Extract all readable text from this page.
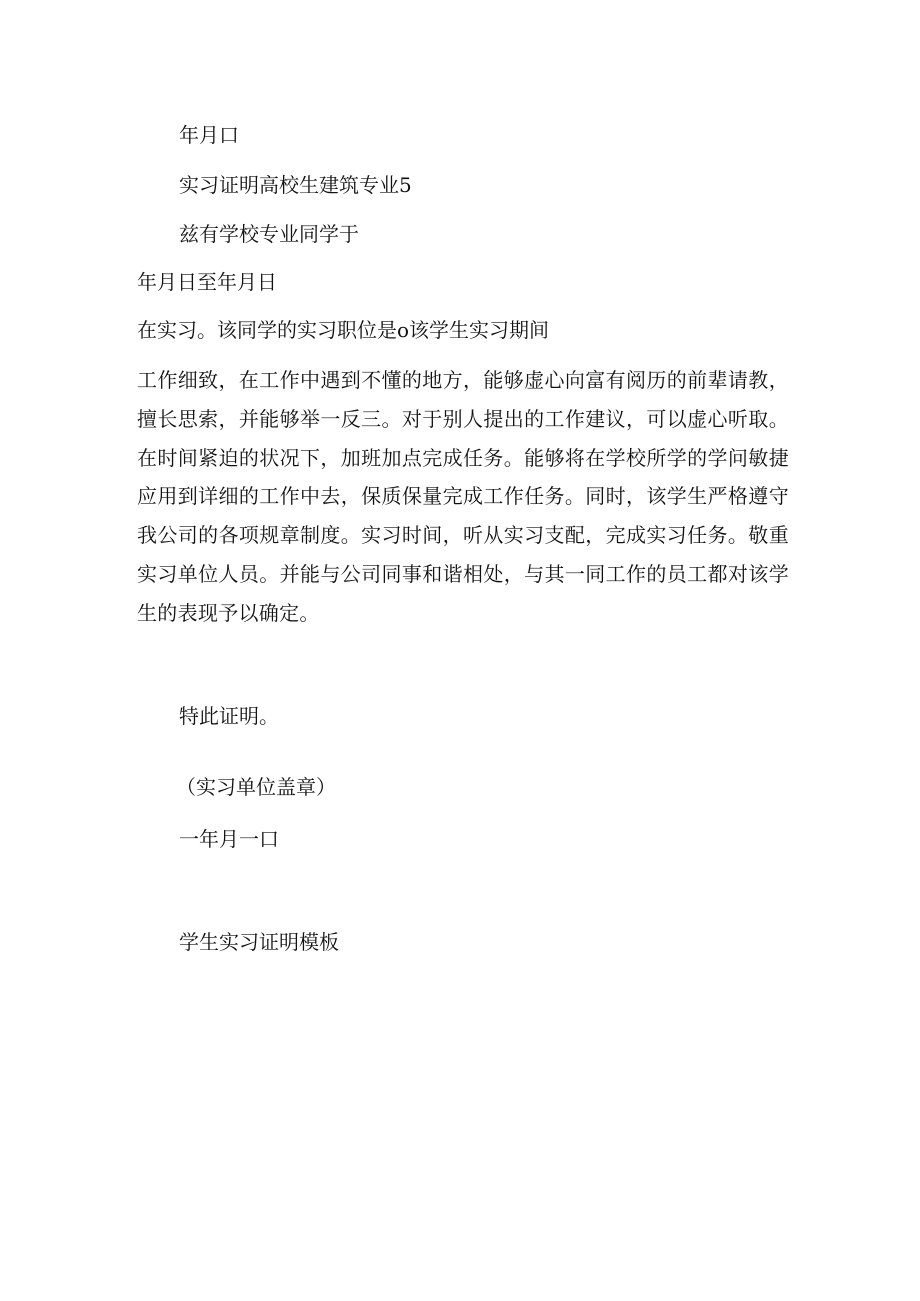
年月口

实习证明高校生建筑专业5

兹有学校专业同学于

年月日至年月日

在实习。该同学的实习职位是o该学生实习期间

工作细致，在工作中遇到不懂的地方，能够虚心向富有阅历的前辈请教，擅长思索，并能够举一反三。对于别人提出的工作建议，可以虚心听取。在时间紧迫的状况下，加班加点完成任务。能够将在学校所学的学问敏捷应用到详细的工作中去，保质保量完成工作任务。同时，该学生严格遵守我公司的各项规章制度。实习时间，听从实习支配，完成实习任务。敬重实习单位人员。并能与公司同事和谐相处，与其一同工作的员工都对该学生的表现予以确定。

特此证明。

（实习单位盖章）

一年月一口

学生实习证明模板
